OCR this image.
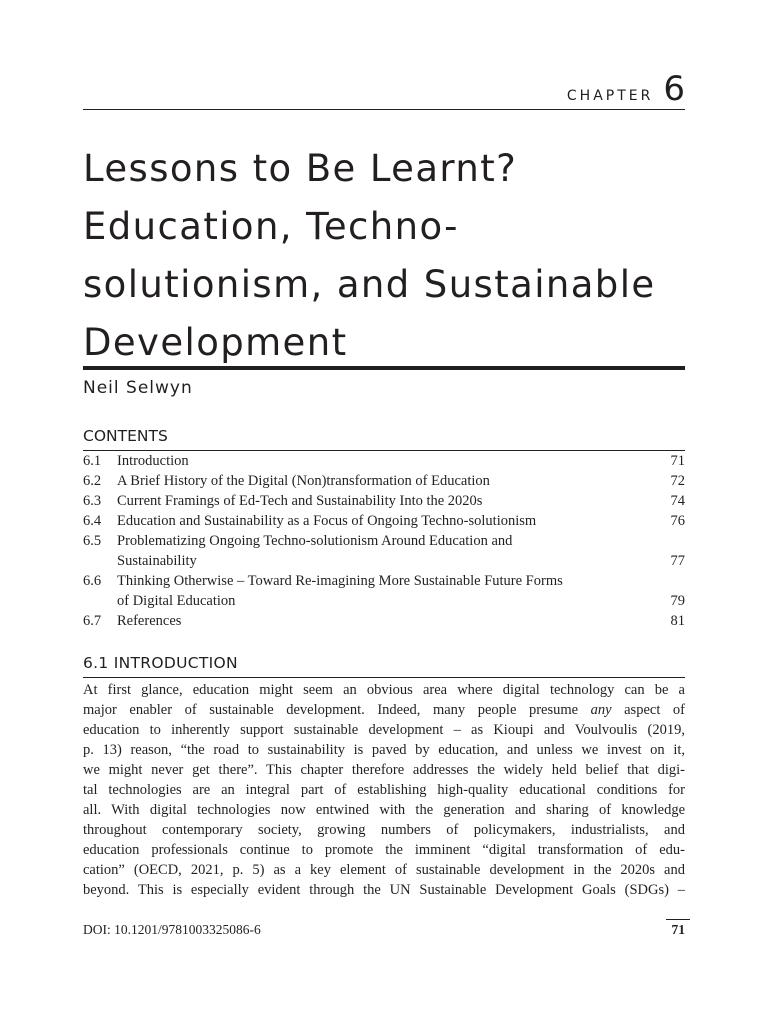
CHAPTER 6
Lessons to Be Learnt?
Education, Techno-
solutionism, and Sustainable
Development
Neil Selwyn
CONTENTS
6.1	Introduction	71
6.2	A Brief History of the Digital (Non)transformation of Education	72
6.3	Current Framings of Ed-Tech and Sustainability Into the 2020s	74
6.4	Education and Sustainability as a Focus of Ongoing Techno-solutionism	76
6.5	Problematizing Ongoing Techno-solutionism Around Education and
Sustainability	77
6.6	Thinking Otherwise – Toward Re-imagining More Sustainable Future Forms
of Digital Education	79
6.7	References	81
6.1 INTRODUCTION
At first glance, education might seem an obvious area where digital technology can be a
major enabler of sustainable development. Indeed, many people presume any aspect of
education to inherently support sustainable development – as Kioupi and Voulvoulis (2019,
p. 13) reason, “the road to sustainability is paved by education, and unless we invest on it,
we might never get there”. This chapter therefore addresses the widely held belief that digi-
tal technologies are an integral part of establishing high-quality educational conditions for
all. With digital technologies now entwined with the generation and sharing of knowledge
throughout contemporary society, growing numbers of policymakers, industrialists, and
education professionals continue to promote the imminent “digital transformation of edu-
cation” (OECD, 2021, p. 5) as a key element of sustainable development in the 2020s and
beyond. This is especially evident through the UN Sustainable Development Goals (SDGs) –
DOI: 10.1201/9781003325086-6	71
